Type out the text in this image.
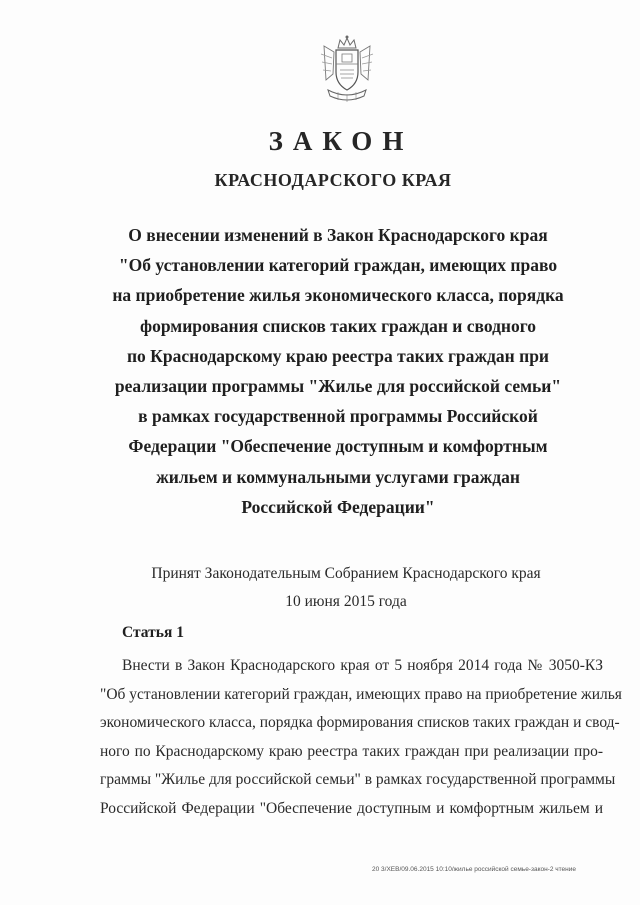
ЗАКОН
КРАСНОДАРСКОГО КРАЯ
О внесении изменений в Закон Краснодарского края
"Об установлении категорий граждан, имеющих право
на приобретение жилья экономического класса, порядка
формирования списков таких граждан и сводного
по Краснодарскому краю реестра таких граждан при
реализации программы "Жилье для российской семьи"
в рамках государственной программы Российской
Федерации "Обеспечение доступным и комфортным
жильем и коммунальными услугами граждан
Российской Федерации"
Принят Законодательным Собранием Краснодарского края
10 июня 2015 года
Статья 1
Внести в Закон Краснодарского края от 5 ноября 2014 года № 3050-КЗ
"Об установлении категорий граждан, имеющих право на приобретение жилья
экономического класса, порядка формирования списков таких граждан и свод-
ного по Краснодарскому краю реестра таких граждан при реализации про-
граммы "Жилье для российской семьи" в рамках государственной программы
Российской Федерации "Обеспечение доступным и комфортным жильем и
20 3/ХЕВ/09.06.2015 10:10/жилье российской семье-закон-2 чтение
